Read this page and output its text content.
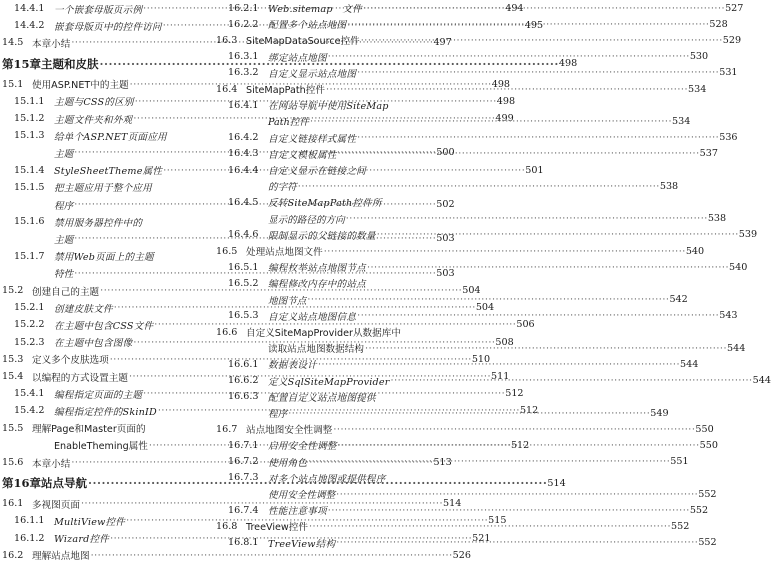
14.4.1 一个嵌套母版页示例 ·····	494
14.4.2 嵌套母版页中的控件访问 ·····	495
14.5 本章小结 ·····	497
第15章 主题和皮肤 ·····	498
15.1 使用ASP.NET中的主题 ·····	498
15.1.1 主题与CSS的区别 ·····	498
15.1.2 主题文件夹和外观 ·····	499
15.1.3 给单个ASP.NET页面应用
主题 ·····	500
15.1.4 StyleSheetTheme属性 ·····	501
15.1.5 把主题应用于整个应用
程序 ·····	502
15.1.6 禁用服务器控件中的
主题 ·····	503
15.1.7 禁用Web页面上的主题
特性 ·····	503
15.2 创建自己的主题 ·····	504
15.2.1 创建皮肤文件 ·····	504
15.2.2 在主题中包含CSS文件 ·····	506
15.2.3 在主题中包含图像 ·····	508
15.3 定义多个皮肤选项 ·····	510
15.4 以编程的方式设置主题 ·····	511
15.4.1 编程指定页面的主题 ·····	512
15.4.2 编程指定控件的SkinID ·····	512
15.5 理解Page和Master页面的
EnableTheming属性 ·····	512
15.6 本章小结 ·····	513
第16章 站点导航 ·····	514
16.1 多视图页面 ·····	514
16.1.1 MultiView控件 ·····	515
16.1.2 Wizard控件 ·····	521
16.2 理解站点地图 ·····	526
16.2.1 Web.sitemap　文件 ·····	527
16.2.2 配置多个站点地图 ·····	528
16.3 SiteMapDataSource控件 ·····	529
16.3.1 绑定站点地图 ·····	530
16.3.2 自定义显示站点地图 ·····	531
16.4 SiteMapPath控件 ·····	534
16.4.1 在网站导航中使用SiteMap
Path控件 ·····	534
16.4.2 自定义链接样式属性 ·····	536
16.4.3 自定义模板属性 ·····	537
16.4.4 自定义显示在链接之间
的字符 ·····	538
16.4.5 反转SiteMapPath控件所
显示的路径的方向 ·····	538
16.4.6 限制显示的父链接的数量 ·····	539
16.5 处理站点地图文件 ·····	540
16.5.1 编程枚举站点地图节点 ·····	540
16.5.2 编程修改内存中的站点
地图节点 ·····	542
16.5.3 自定义站点地图信息 ·····	543
16.6 自定义SiteMapProvider从数据库中
读取站点地图数据结构 ·····	544
16.6.1 数据表设计 ·····	544
16.6.2 定义SqlSiteMapProvider ·····	544
16.6.3 配置自定义站点地图提供
程序 ·····	549
16.7 站点地图安全性调整 ·····	550
16.7.1 启用安全性调整 ·····	550
16.7.2 使用角色 ·····	551
16.7.3 对多个站点地图或提供程序
使用安全性调整 ·····	552
16.7.4 性能注意事项 ·····	552
16.8 TreeView控件 ·····	552
16.8.1 TreeView结构 ·····	552
